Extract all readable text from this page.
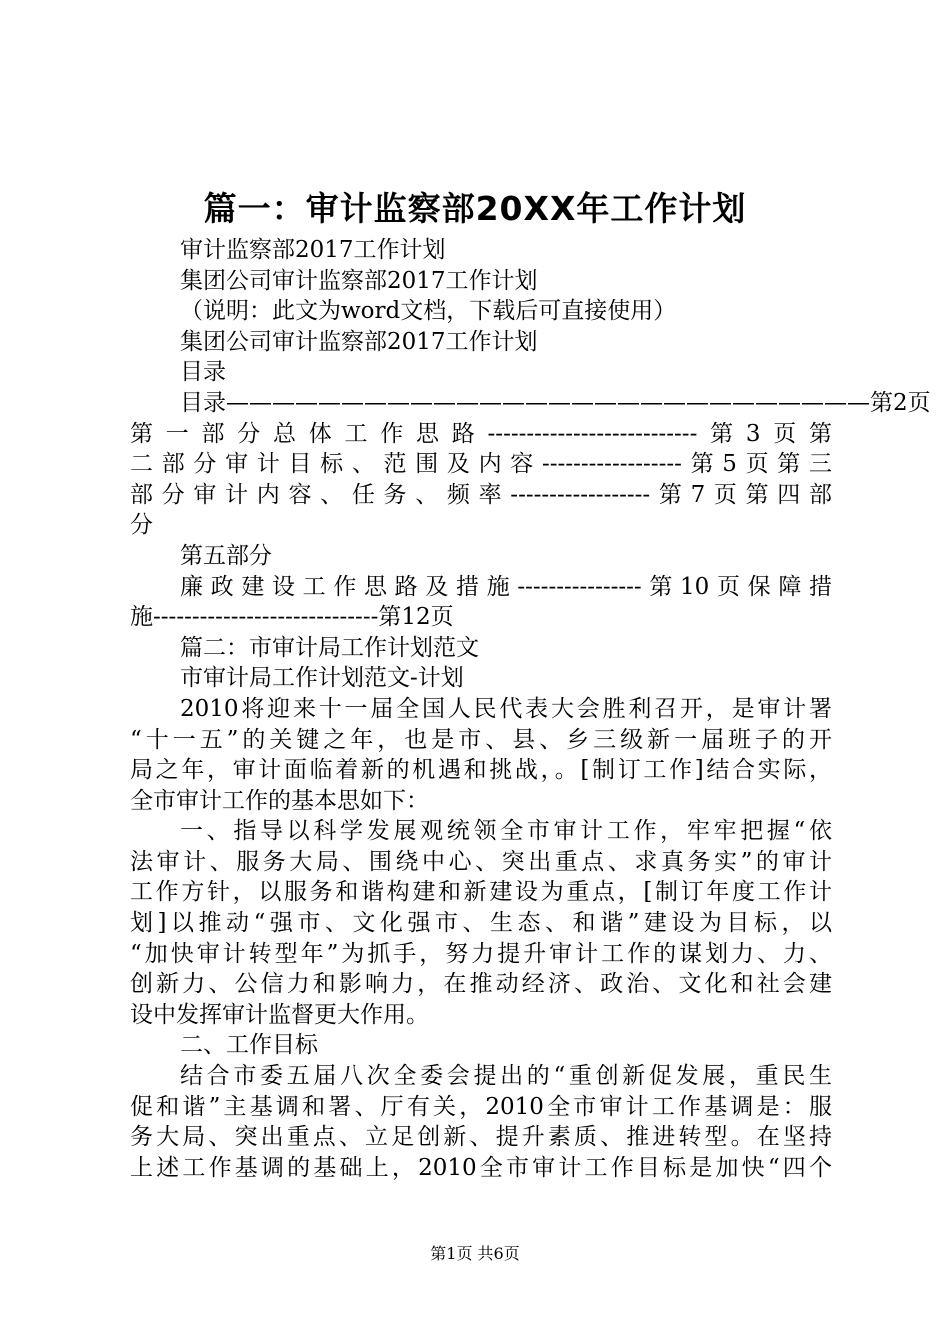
篇一：审计监察部20XX年工作计划
审计监察部2017工作计划
集团公司审计监察部2017工作计划
（说明：此文为word文档，下载后可直接使用）
集团公司审计监察部2017工作计划
目录
目录————————————————————————————第2页
第一部分总体工作思路---------------------------第3页第
二部分审计目标、范围及内容------------------第5页第三
部分审计内容、任务、频率------------------第7页第四部
分
第五部分
廉政建设工作思路及措施----------------第10页保障措
施-----------------------------第12页
篇二：市审计局工作计划范文
市审计局工作计划范文-计划
2010将迎来十一届全国人民代表大会胜利召开，是审计署
“十一五”的关键之年，也是市、县、乡三级新一届班子的开
局之年，审计面临着新的机遇和挑战，。[制订工作]结合实际，
全市审计工作的基本思如下：
一、指导以科学发展观统领全市审计工作，牢牢把握“依
法审计、服务大局、围绕中心、突出重点、求真务实”的审计
工作方针，以服务和谐构建和新建设为重点，[制订年度工作计
划]以推动“强市、文化强市、生态、和谐”建设为目标，以
“加快审计转型年”为抓手，努力提升审计工作的谋划力、力、
创新力、公信力和影响力，在推动经济、政治、文化和社会建
设中发挥审计监督更大作用。
二、工作目标
结合市委五届八次全委会提出的“重创新促发展，重民生
促和谐”主基调和署、厅有关，2010全市审计工作基调是：服
务大局、突出重点、立足创新、提升素质、推进转型。在坚持
上述工作基调的基础上，2010全市审计工作目标是加快“四个
第1页 共6页
